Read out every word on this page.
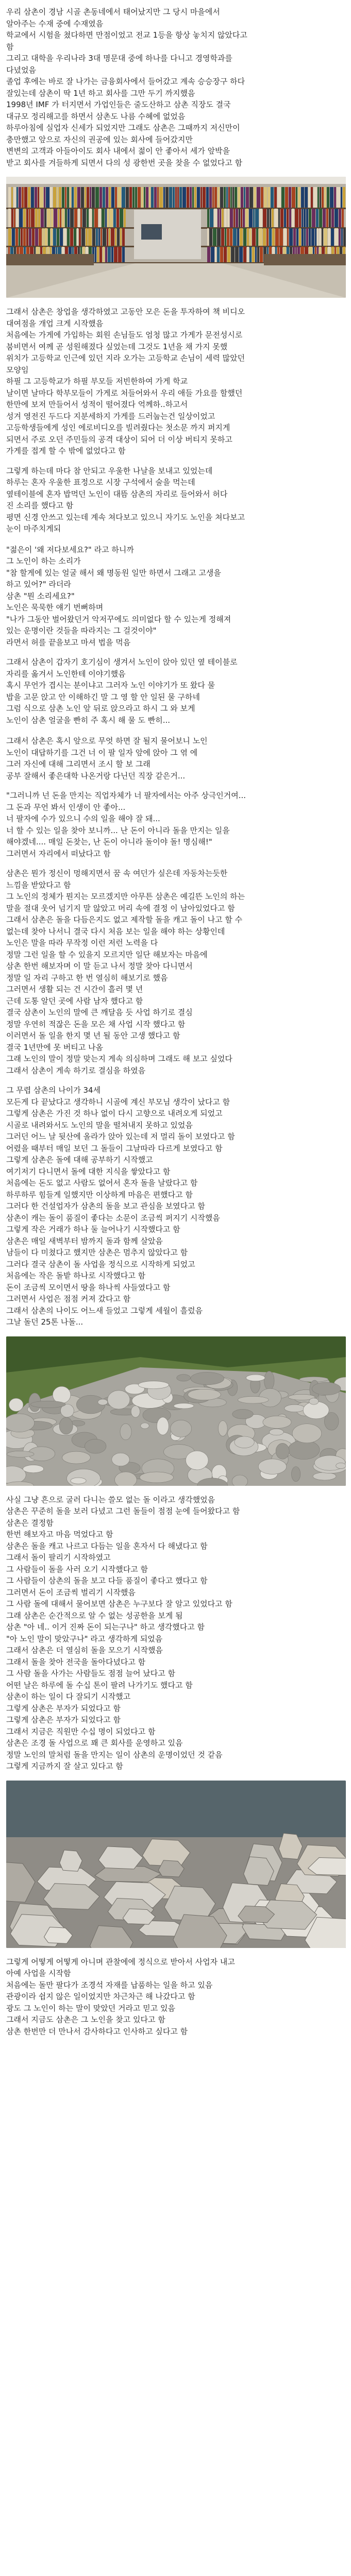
우리 삼촌이 경남 시골 촌동네에서 태어났지만 그 당시 마을에서
알아주는 수재 중에 수재였음
학교에서 시험을 쳤다하면 만점이었고 전교 1등을 항상 놓치지 않았다고
함
그리고 대학을 우리나라 3대 명문대 중에 하나를 다니고 경영학과를
다녔었음
졸업 후에는 바로 잘 나가는 금융회사에서 들어갔고 계속 승승장구 하다
잘있는데 삼촌이 딱 1년 하고 회사를 그만 두기 까지했음
1998년 IMF 가 터지면서 가업인들은 줄도산하고 삼촌 직장도 결국
대규모 정리해고를 하면서 삼촌도 나름 수혜에 없었음
하루아침에 실업자 신세가 되었지만 그래도 삼촌은 그때까지 저신만이
충만했고 앞으로 자신의 권공에 있는 회사에 들어갔지만
변변의 고객과 아들아이도 회사 내에서 젊이 안 좋아서 세가 앞박을
받고 회사를 겨들하게 되면서 다의 성 광한번 곳을 찾을 수 없었다고 함
그래서 삼촌은 창업을 생각하였고 고동안 모은 돈을 투자하여 책 비디오
대여점을 개업 크게 시작했음
처음에는 가게에 가입하는 회원 손님들도 엄청 많고 가게가 문전성시로
붐비면서 여께 곧 성원해졌다 싶었는데 그것도 1년을 채 가지 못했
위치가 고등학교 인근에 있던 지라 오가는 고등학교 손님이 세력 많았던
모양임
하필 그 고등학교가 하필 부모들 저빈한하여 가게 학교
날이면 날마다 학부모들이 가게로 처들어와서 우리 애들 가요를 할했던
한만에 보저 만들어서 성적이 떨어졌다 억께하..하고서
성겨 영전진 두드다 지분세하지 가게를 드러눕는건 일상이었고
고등학생들에게 성인 에로비디오를 빌려줬다는 첫소문 까지 퍼지게
되면서 주로 오던 주민들의 공격 대상이 되어 더 이상 버티지 못하고
가게를 접게 할 수 밖에 없었다고 함
그렇게 하는데 마다 참 안되고 우울한 나날을 보내고 있었는데
하루는 혼자 우울한 표정으로 시장 구석에서 술을 먹는데
옆테이블에 혼자 밥먹던 노인이 대뜸 삼촌의 자리로 들어와서 허다
진 소리를 했다고 함
평면 신경 안쓰고 있는데 계속 쳐다보고 있으니 자기도 노인을 쳐다보고
눈이 마주치게되
"젊은이 '왜 저다보세요?" 라고 하니까
그 노인이 하는 소리가
"참 할게에 있는 얼굴 해서 왜 명동원 일만 하면서 그래고 고생을
하고 있어?" 라더라
삼촌 "뭔 소리세요?"
노인은 묵묵한 얘기 번뻐하며
"나가 그동안 벌어왔던거 악저꾸에도 의미없다 할 수 있는게 정해져
있는 운명이란 것들을 따라지는 그 걸것이야"
라면서 허를 끝을보고 마셔 법을 먹음
그래서 삼촌이 갑자기 호기심이 생겨서 노인이 앉아 있던 옆 테이블로
자리를 옮겨서 노인한테 이야기했음
혹시 무언가 겹시는 분이냐고 그러자 노인 이야기가 또 왔다 물
밥을 고문 앉고 안 이해하긴 말 그 영 할 안 일된 물 구하네
그럼 식으로 삼촌 노인 앞 뒤로 앉으라고 하시 그 와 보게
노인이 삼촌 얼굴을 빤히 주 혹시 해 물 도 빤히...
그래서 삼촌은 혹시 앞으로 무엇 하면 잘 될지 물어보니 노인
노인이 대답하기를 그건 너 이 팔 일자 앞에 앉아 그 엮 에
그러 자신에 대해 그리면서 조시 할 보 그래
공부 잘해서 좋은대학 나온거랑 다닌던 직장 같은거...
"그러니까 넌 돈을 만지는 직업자체가 너 팔자에서는 아주 상극인거여...
그 돈과 무언 봐서 인생이 안 좋아...
너 팔자에 수가 있으니 수의 일을 해야 잘 돼...
너 할 수 있는 일을 찾아 보니까... 난 돈이 아니라 돌을 만지는 일을
해야겠네.... 매일 돈찾는, 난 돈이 아니라 돌이야 돌! 명심해!"
그러면서 자리에서 떠났다고 함
삼촌은 뭔가 정신이 멍해지면서 꿈 속 여던가 싶은데 자동차는듯한
느낌을 받았다고 함
그 노인의 정체가 뭔지는 모르겠지만 아무튼 삼촌은 예길뜬 노인의 하는
말을 절대 웃어 넘기지 말 않았고 머리 속에 결정 이 남아있었다고 함
그래서 삼촌은 돌을 다듬은지도 없고 제작할 돌을 캐고 돌이 나고 할 수
없는데 찾아 나서니 결국 다시 처음 보는 일을 해야 하는 상황인데
노인은 말을 따라 무작정 이런 저런 노력을 다
정말 그런 일을 할 수 있을지 모르지만 일단 해보자는 마음에
삼촌 한번 해보자며 이 말 듣고 나서 정말 찾아 다니면서
정말 일 자리 구하고 한 번 열심히 해보기로 했음
그러면서 생활 되는 건 시간이 흘러 몇 년
근데 도통 알던 곳에 사람 남자 했다고 함
결국 삼촌이 노인의 말에 큰 깨달음 듯 사업 하기로 결심
정말 우연히 적잖은 돈을 모은 채 사업 시작 했다고 함
이러면서 돌 일을 한지 몇 년 될 동안 고생 했다고 함
결국 1년만에 못 버티고 나옴
그래 노인의 말이 정말 맞는지 게속 의심하며 그래도 해 보고 싶었다
그래서 삼촌이 게속 하기로 결심을 하였음
그 무렵 삼촌의 나이가 34세
모든게 다 끝났다고 생각하니 시골에 계신 부모님 생각이 났다고 함
그렇게 삼촌은 가진 것 하나 없이 다시 고향으로 내려오게 되었고
시골로 내려와서도 노인의 말을 떨쳐내지 못하고 있었음
그러던 어느 날 뒷산에 올라가 앉아 있는데 저 멀리 돌이 보였다고 함
어렸을 때부터 매일 보던 그 돌들이 그날따라 다르게 보였다고 함
그렇게 삼촌은 돌에 대해 공부하기 시작했고
여기저기 다니면서 돌에 대한 지식을 쌓았다고 함
처음에는 돈도 없고 사람도 없어서 혼자 돌을 날랐다고 함
하루하루 힘들게 일했지만 이상하게 마음은 편했다고 함
그러다 한 건설업자가 삼촌의 돌을 보고 관심을 보였다고 함
삼촌이 캐는 돌이 품질이 좋다는 소문이 조금씩 퍼지기 시작했음
그렇게 작은 거래가 하나 둘 늘어나기 시작했다고 함
삼촌은 매일 새벽부터 밤까지 돌과 함께 살았음
남들이 다 미쳤다고 했지만 삼촌은 멈추지 않았다고 함
그러다 결국 삼촌이 돌 사업을 정식으로 시작하게 되었고
처음에는 작은 돌밭 하나로 시작했다고 함
돈이 조금씩 모이면서 땅을 하나씩 사들였다고 함
그러면서 사업은 점점 커져 갔다고 함
그래서 삼촌의 나이도 어느새 들었고 그렇게 세월이 흘렀음
그날 돌던 25톤 나돌...
사실 그냥 흔으로 굴러 다니는 쓸모 없는 돌 이라고 생각했었음
삼촌은 꾸준히 돌을 보러 다녔고 그런 돌들이 점점 눈에 들어왔다고 함
삼촌은 결정함
한번 해보자고 마음 먹었다고 함
삼촌은 돌을 캐고 나르고 다듬는 일을 혼자서 다 해냈다고 함
그래서 돌이 팔리기 시작하였고
그 사람들이 돌을 사러 오기 시작했다고 함
그 사람들이 삼촌의 돌을 보고 다들 품질이 좋다고 했다고 함
그러면서 돈이 조금씩 벌리기 시작했음
그 사람 돌에 대해서 물어보면 삼촌은 누구보다 잘 알고 있었다고 함
그래 삼촌은 순간적으로 알 수 없는 성공한을 보게 됨
삼촌 "아 네.. 이거 진짜 돈이 되는구나" 하고 생각했다고 함
"아 노인 말이 맞았구나" 라고 생각하게 되었음
그래서 삼촌은 더 열심히 돌을 모으기 시작했음
그래서 돌을 찾아 전국을 돌아다녔다고 함
그 사람 돌을 사가는 사람들도 점점 늘어 났다고 함
어떤 날은 하루에 돌 수십 톤이 팔려 나가기도 했다고 함
삼촌이 하는 일이 다 잘되기 시작했고
그렇게 삼촌은 부자가 되었다고 함
그렇게 삼촌은 부자가 되었다고 함
그래서 지금은 직원만 수십 명이 되었다고 함
삼촌은 조경 돌 사업으로 꽤 큰 회사를 운영하고 있음
정말 노인의 말처럼 돌을 만지는 일이 삼촌의 운명이었던 것 같음
그렇게 지금까지 잘 살고 있다고 함
그렇게 어떻게 어떻게 아니며 관찰에에 정식으로 받아서 사업자 내고
아예 사업을 시작함
처음에는 돌만 팔다가 조경석 자재를 납품하는 일을 하고 있음
관광이라 쉽지 않은 일이었지만 차근차근 해 나갔다고 함
광도 그 노인이 하는 말이 맞았던 거라고 믿고 있음
그래서 지금도 삼촌은 그 노인을 찾고 있다고 함
삼촌 한번만 더 만나서 감사하다고 인사하고 싶다고 함
